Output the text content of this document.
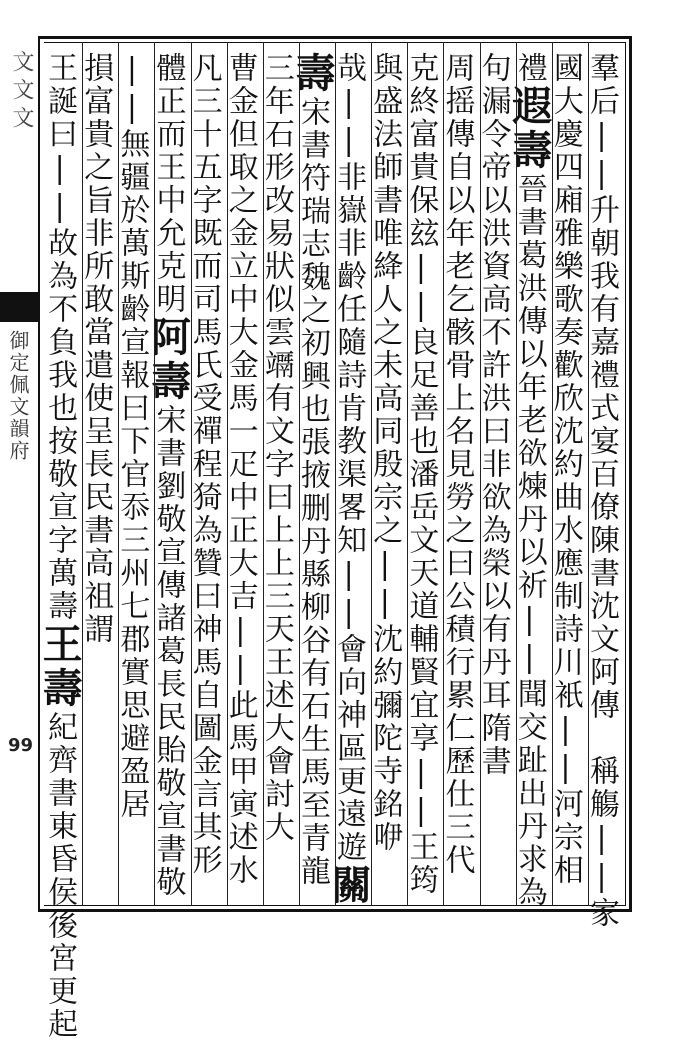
文文文
御定佩文韻府
99	羣后||升朝我有嘉禮式宴百僚陳書沈文阿傳　稱觴||家
國大慶四廂雅樂歌奏歡欣沈約曲水應制詩川衹||河宗相
禮遐壽晉書葛洪傳以年老欲煉丹以祈||聞交趾出丹求為
句漏令帝以洪資高不許洪曰非欲為榮以有丹耳隋書
周摇傳自以年老乞骸骨上名見勞之曰公積行累仁歷仕三代
克終富貴保玆||良足善也潘岳文天道輔賢宜享||王筠
與盛法師書唯絳人之未高同殷宗之||沈約彌陀寺銘咿
哉||非嶽非齡任隨詩肯教渠畧知||會向神區更遠遊關
壽宋書符瑞志魏之初興也張掖删丹縣柳谷有石生馬至青龍
三年石形改易狀似雲竵有文字曰上上三天王述大會討大
曹金但取之金立中大金馬一疋中正大吉||此馬甲寅述水
凡三十五字既而司馬氏受禪程猗為贊曰神馬自圖金言其形
體正而王中允克明阿壽宋書劉敬宣傳諸葛長民貽敬宣書敬
||無疆於萬斯齡宣報曰下官忝三州七郡實思避盈居
損富貴之旨非所敢當遣使呈長民書高祖謂
王誕曰||故為不負我也按敬宣字萬壽王壽紀齊書東昏侯後宮更起
